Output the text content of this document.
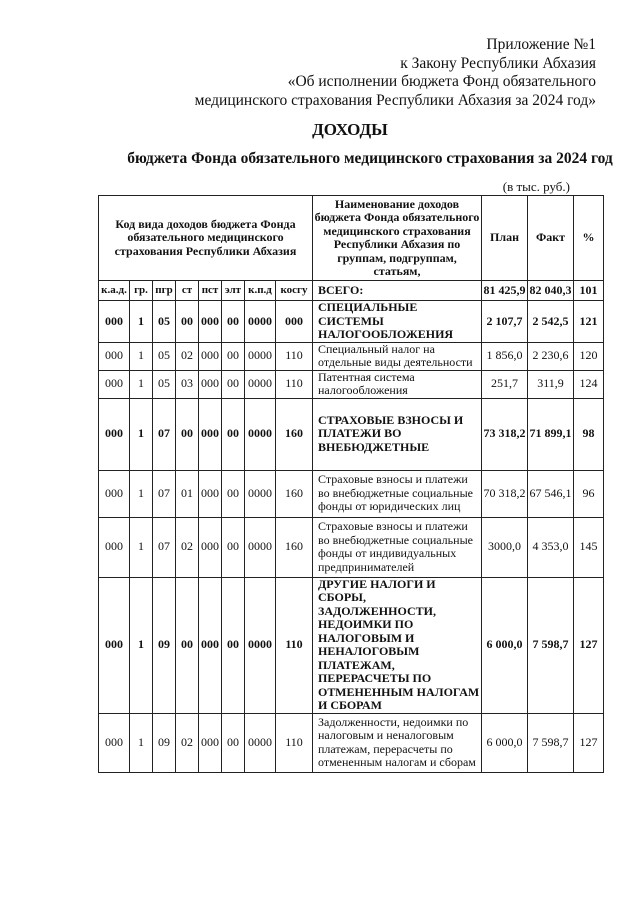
Приложение №1
к Закону Республики Абхазия
«Об исполнении бюджета Фонд обязательного
медицинского страхования Республики Абхазия за 2024 год»
ДОХОДЫ
бюджета Фонда обязательного медицинского страхования за 2024 год
(в тыс. руб.)
Код вида доходов бюджета Фонда обязательного медицинского страхования Республики Абхазия								Наименование доходов бюджета Фонда обязательного медицинского страхования Республики Абхазия по группам, подгруппам, статьям,	План	Факт	%
к.а.д.	гр.	пгр	ст	пст	элт	к.п.д	косгу	ВСЕГО:	81 425,9	82 040,3	101
000	1	05	00	000	00	0000	000	СПЕЦИАЛЬНЫЕ СИСТЕМЫ НАЛОГООБЛОЖЕНИЯ	2 107,7	2 542,5	121
000	1	05	02	000	00	0000	110	Специальный налог на отдельные виды деятельности	1 856,0	2 230,6	120
000	1	05	03	000	00	0000	110	Патентная система налогообложения	251,7	311,9	124
000	1	07	00	000	00	0000	160	СТРАХОВЫЕ ВЗНОСЫ И ПЛАТЕЖИ ВО ВНЕБЮДЖЕТНЫЕ	73 318,2	71 899,1	98
000	1	07	01	000	00	0000	160	Страховые взносы и платежи во внебюджетные социальные фонды от юридических лиц	70 318,2	67 546,1	96
000	1	07	02	000	00	0000	160	Страховые взносы и платежи во внебюджетные социальные фонды от индивидуальных предпринимателей	3000,0	4 353,0	145
000	1	09	00	000	00	0000	110	ДРУГИЕ НАЛОГИ И СБОРЫ, ЗАДОЛЖЕННОСТИ, НЕДОИМКИ ПО НАЛОГОВЫМ И НЕНАЛОГОВЫМ ПЛАТЕЖАМ, ПЕРЕРАСЧЕТЫ ПО ОТМЕНЕННЫМ НАЛОГАМ И СБОРАМ	6 000,0	7 598,7	127
000	1	09	02	000	00	0000	110	Задолженности, недоимки по налоговым и неналоговым платежам, перерасчеты по отмененным налогам и сборам	6 000,0	7 598,7	127
